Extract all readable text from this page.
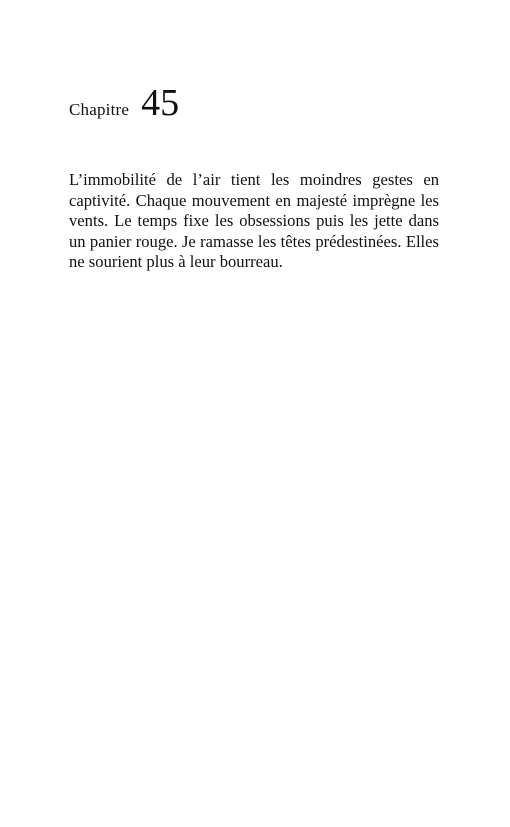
Chapitre 45

L’immobilité de l’air tient les moindres gestes en captivité. Chaque mouvement en majesté imprègne les vents. Le temps fixe les obsessions puis les jette dans un panier rouge. Je ramasse les têtes prédestinées. Elles ne sourient plus à leur bourreau.
